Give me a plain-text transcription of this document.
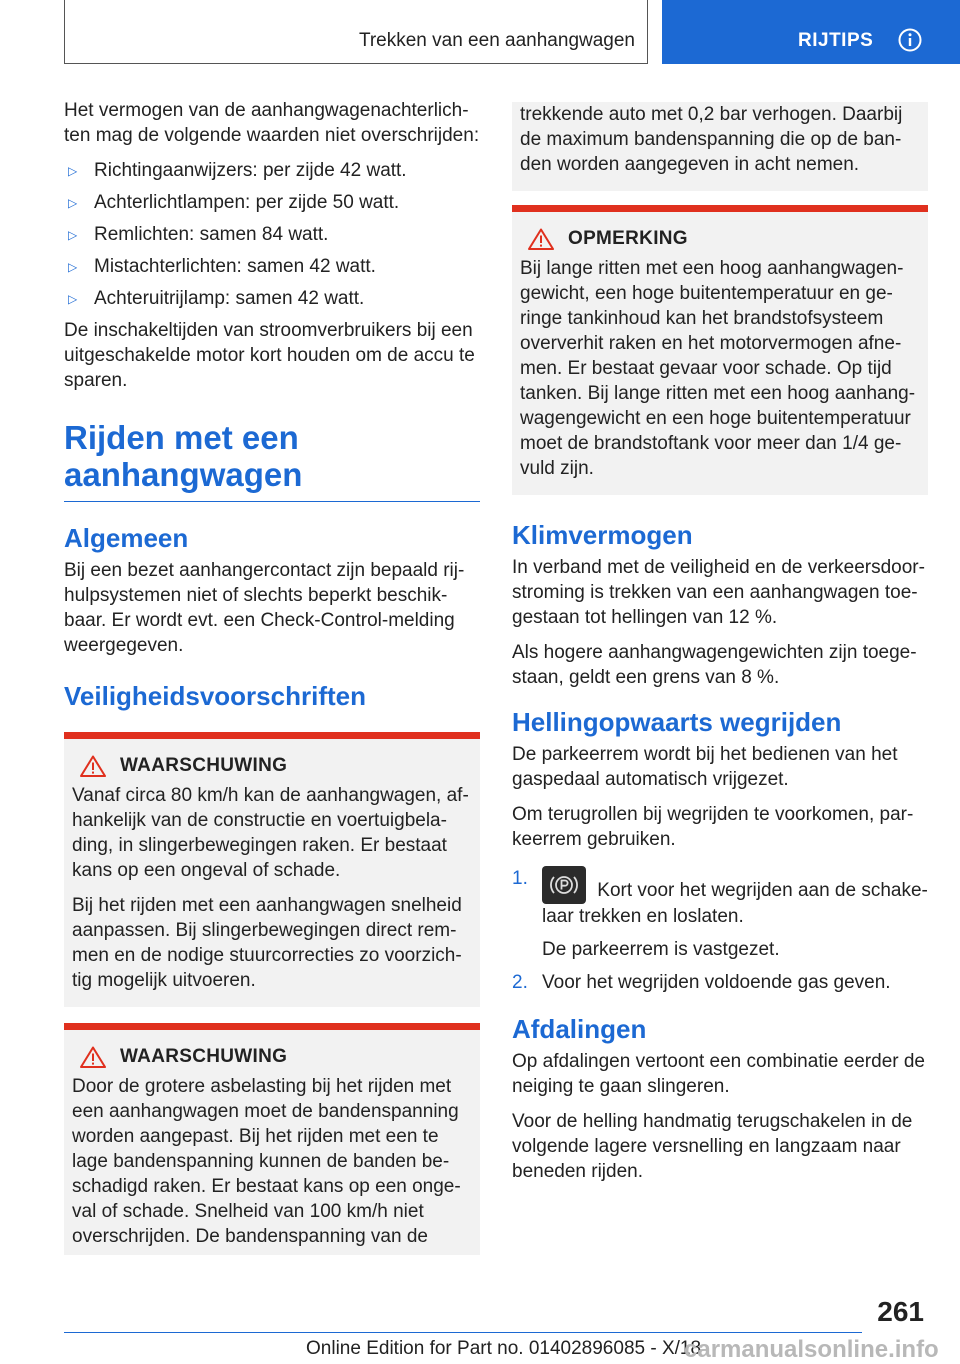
Trekken van een aanhangwagen	RIJTIPS

Het vermogen van de aanhangwagenachterlichten mag de volgende waarden niet overschrijden:

▷ Richtingaanwijzers: per zijde 42 watt.
▷ Achterlichtlampen: per zijde 50 watt.
▷ Remlichten: samen 84 watt.
▷ Mistachterlichten: samen 42 watt.
▷ Achteruitrijlamp: samen 42 watt.

De inschakeltijden van stroomverbruikers bij een uitgeschakelde motor kort houden om de accu te sparen.

Rijden met een aanhangwagen
Algemeen

Bij een bezet aanhangercontact zijn bepaald rijhulpsystemen niet of slechts beperkt beschikbaar. Er wordt evt. een Check-Control-melding weergegeven.

Veiligheidsvoorschriften
WAARSCHUWING

Vanaf circa 80 km/h kan de aanhangwagen, afhankelijk van de constructie en voertuigbelading, in slingerbewegingen raken. Er bestaat kans op een ongeval of schade.

Bij het rijden met een aanhangwagen snelheid aanpassen. Bij slingerbewegingen direct remmen en de nodige stuurcorrecties zo voorzichtig mogelijk uitvoeren.

WAARSCHUWING

Door de grotere asbelasting bij het rijden met een aanhangwagen moet de bandenspanning worden aangepast. Bij het rijden met een te lage bandenspanning kunnen de banden beschadigd raken. Er bestaat kans op een ongeval of schade. Snelheid van 100 km/h niet overschrijden. De bandenspanning van de

trekkende auto met 0,2 bar verhogen. Daarbij de maximum bandenspanning die op de banden worden aangegeven in acht nemen.

OPMERKING

Bij lange ritten met een hoog aanhangwagengewicht, een hoge buitentemperatuur en geringe tankinhoud kan het brandstofsysteem oververhit raken en het motorvermogen afnemen. Er bestaat gevaar voor schade. Op tijd tanken. Bij lange ritten met een hoog aanhangwagengewicht en een hoge buitentemperatuur moet de brandstoftank voor meer dan 1/4 gevuld zijn.

Klimvermogen

In verband met de veiligheid en de verkeersdoorstroming is trekken van een aanhangwagen toegestaan tot hellingen van 12 %.

Als hogere aanhangwagengewichten zijn toegestaan, geldt een grens van 8 %.

Hellingopwaarts wegrijden

De parkeerrem wordt bij het bedienen van het gaspedaal automatisch vrijgezet.

Om terugrollen bij wegrijden te voorkomen, parkeerrem gebruiken.

1.
Kort voor het wegrijden aan de schakelaar trekken en loslaten.
De parkeerrem is vastgezet.
2. Voor het wegrijden voldoende gas geven.
Afdalingen

Op afdalingen vertoont een combinatie eerder de neiging te gaan slingeren.

Voor de helling handmatig terugschakelen in de volgende lagere versnelling en langzaam naar beneden rijden.

261
Online Edition for Part no. 01402896085 - X/18
carmanualsonline.info
